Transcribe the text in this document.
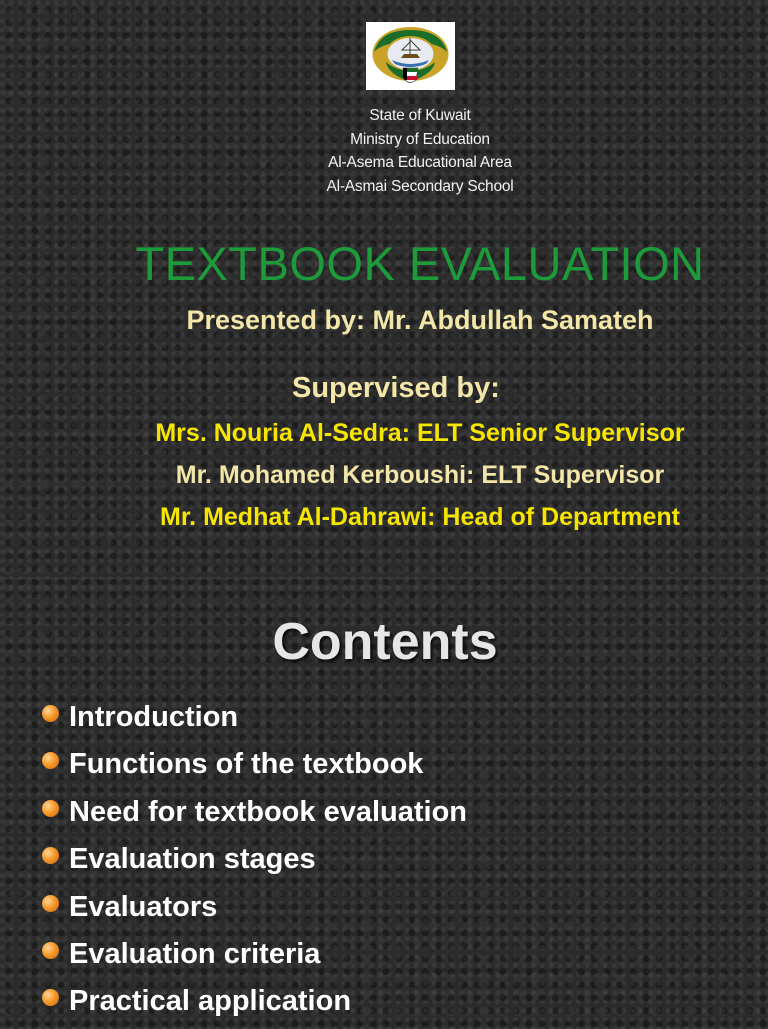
State of Kuwait
Ministry of Education
Al-Asema Educational Area
Al-Asmai Secondary School
TEXTBOOK EVALUATION
Presented by: Mr. Abdullah Samateh
Supervised by:
Mrs. Nouria Al-Sedra: ELT Senior Supervisor
Mr. Mohamed Kerboushi: ELT Supervisor
Mr. Medhat Al-Dahrawi: Head of Department
Contents
Introduction
Functions of the textbook
Need for textbook evaluation
Evaluation stages
Evaluators
Evaluation criteria
Practical application
